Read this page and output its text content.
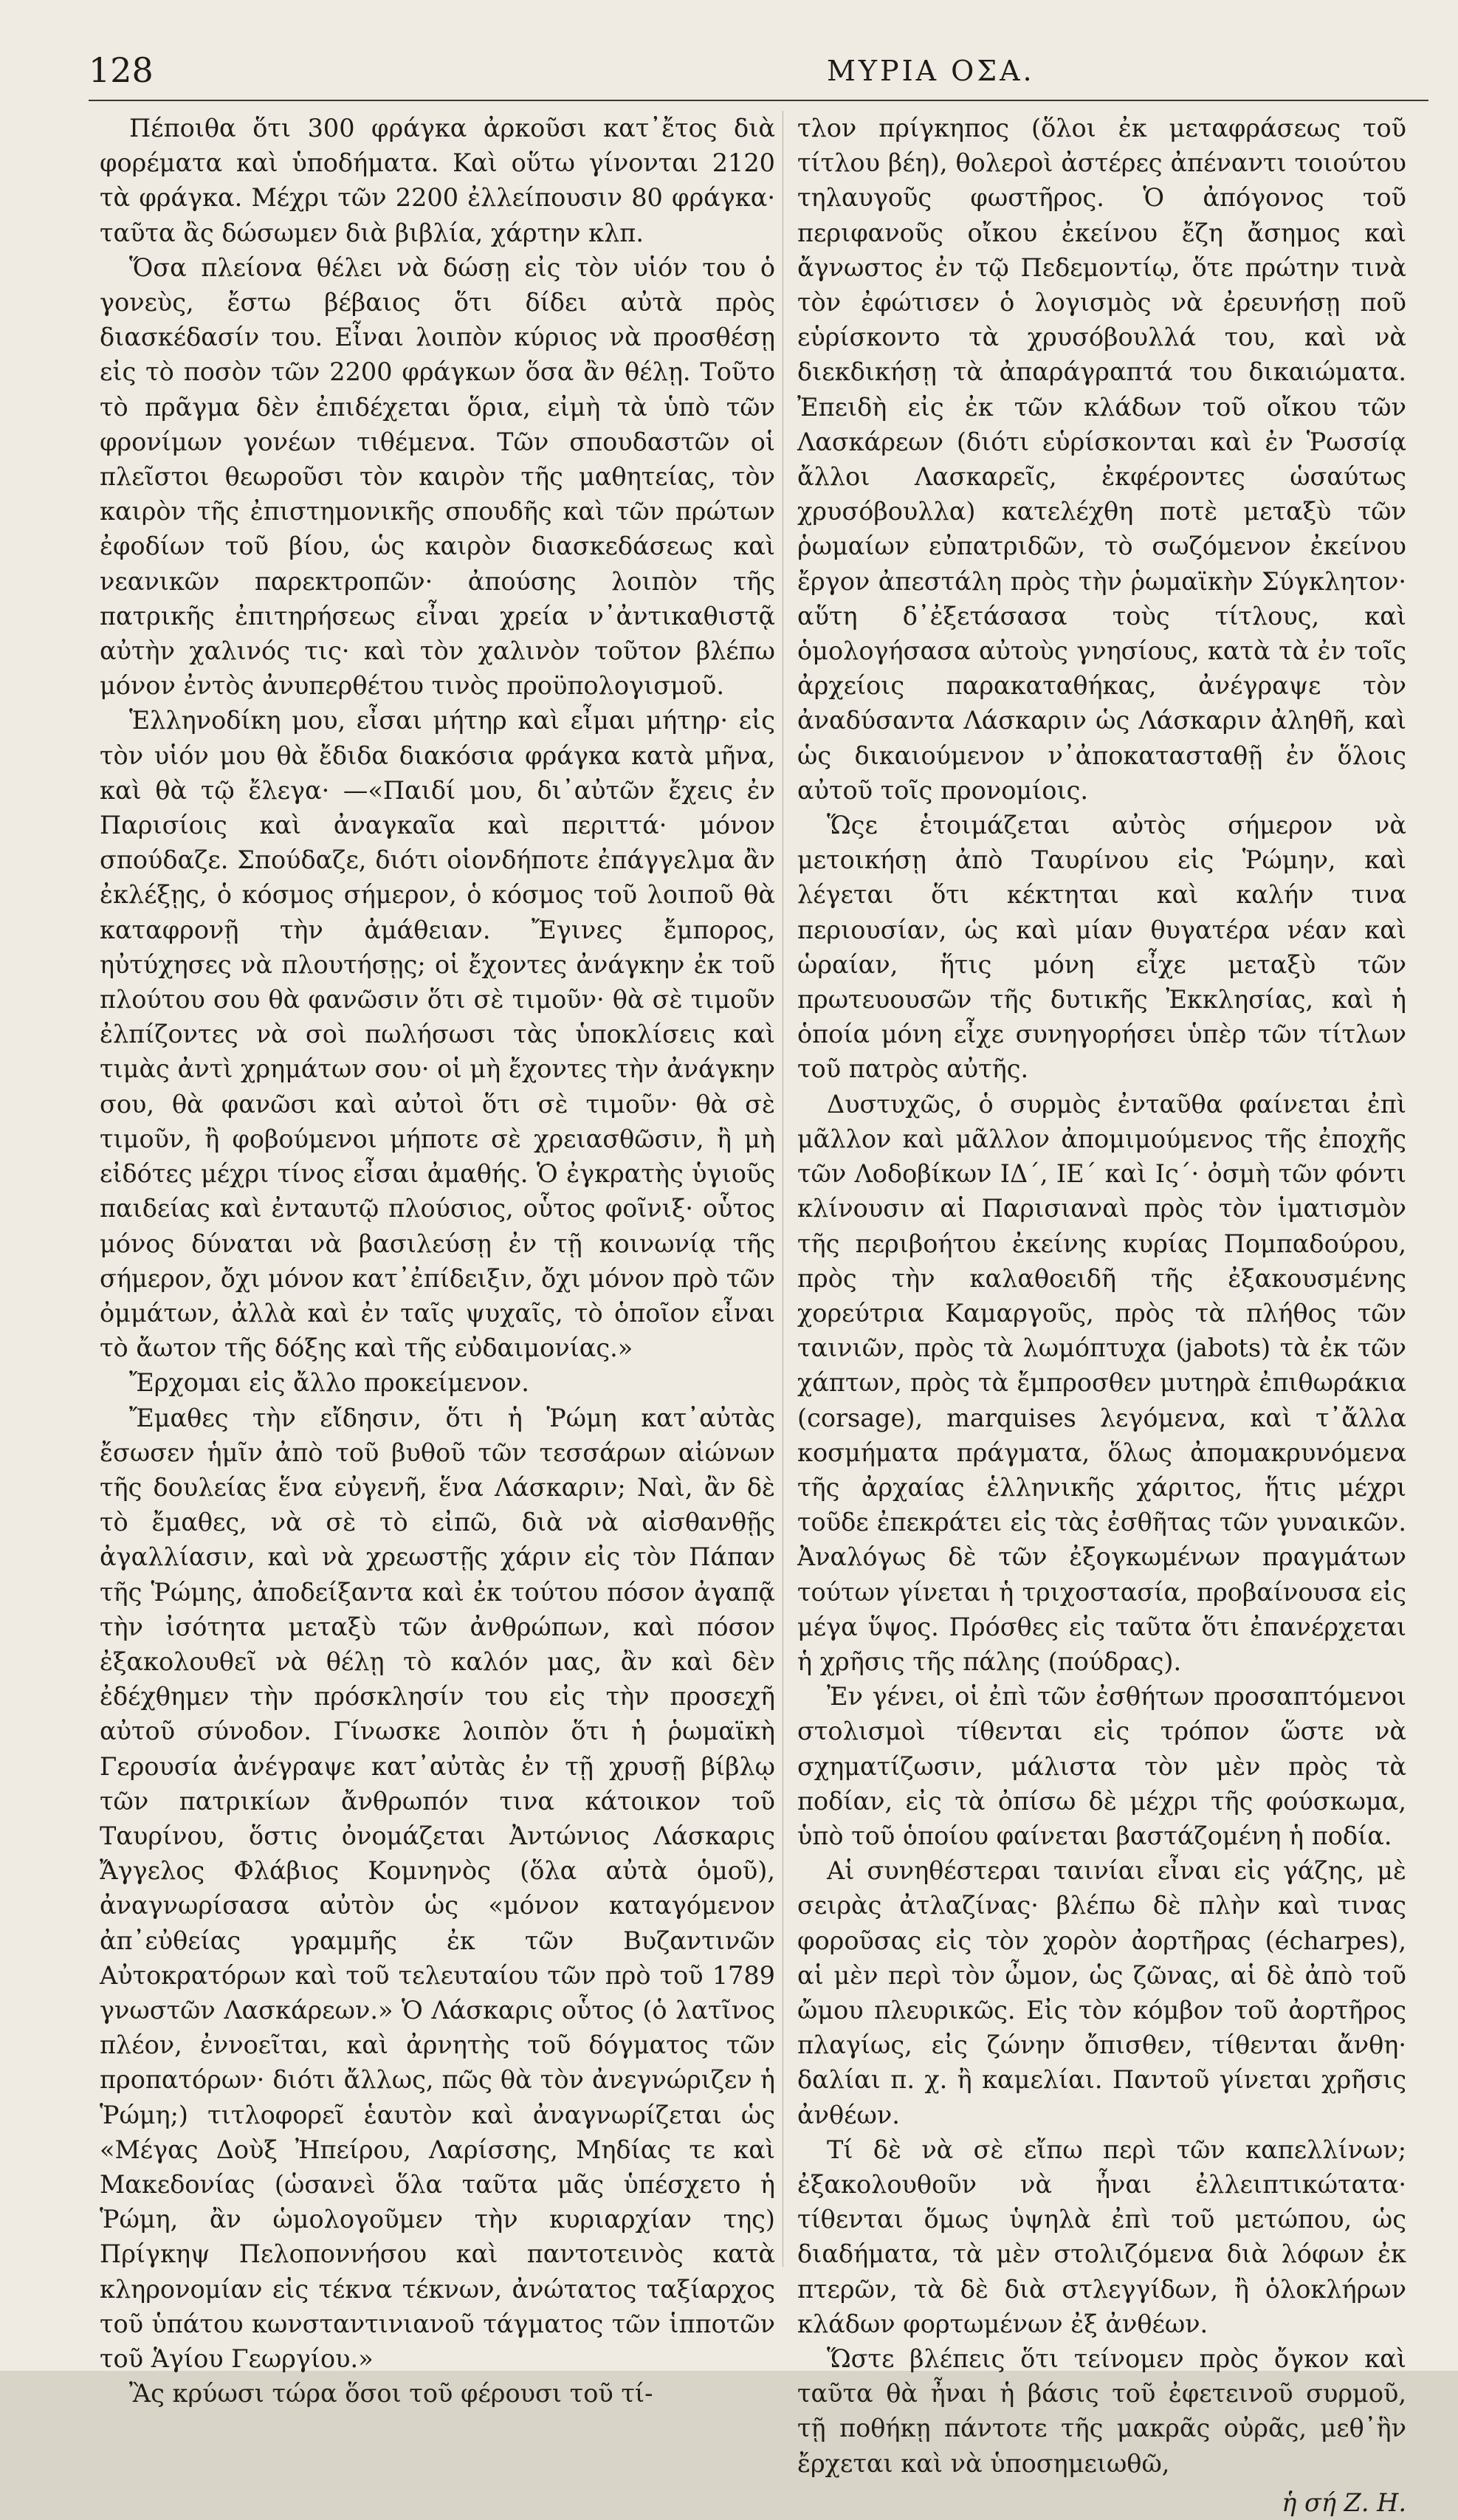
128	ΜΥΡΙΑ ΟΣΑ.

Πέποιθα ὅτι 300 φράγκα ἀρκοῦσι κατ᾽ἔτος διὰ φορέματα καὶ ὑποδήματα. Καὶ οὕτω γίνονται 2120 τὰ φράγκα. Μέχρι τῶν 2200 ἐλλείπουσιν 80 φράγκα· ταῦτα ἂς δώσωμεν διὰ βιβλία, χάρτην κλπ.

Ὅσα πλείονα θέλει νὰ δώσῃ εἰς τὸν υἱόν του ὁ γονεὺς, ἔστω βέβαιος ὅτι δίδει αὐτὰ πρὸς διασκέδασίν του. Εἶναι λοιπὸν κύριος νὰ προσθέσῃ εἰς τὸ ποσὸν τῶν 2200 φράγκων ὅσα ἂν θέλῃ. Τοῦτο τὸ πρᾶγμα δὲν ἐπιδέχεται ὅρια, εἰμὴ τὰ ὑπὸ τῶν φρονίμων γονέων τιθέμενα. Τῶν σπουδαστῶν οἱ πλεῖστοι θεωροῦσι τὸν καιρὸν τῆς μαθητείας, τὸν καιρὸν τῆς ἐπιστημονικῆς σπουδῆς καὶ τῶν πρώτων ἐφοδίων τοῦ βίου, ὡς καιρὸν διασκεδάσεως καὶ νεανικῶν παρεκτροπῶν· ἀπούσης λοιπὸν τῆς πατρικῆς ἐπιτηρήσεως εἶναι χρεία ν᾽ἀντικαθιστᾷ αὐτὴν χαλινός τις· καὶ τὸν χαλινὸν τοῦτον βλέπω μόνον ἐντὸς ἀνυπερθέτου τινὸς προϋπολογισμοῦ.

Ἑλληνοδίκη μου, εἶσαι μήτηρ καὶ εἶμαι μήτηρ· εἰς τὸν υἱόν μου θὰ ἔδιδα διακόσια φράγκα κατὰ μῆνα, καὶ θὰ τῷ ἔλεγα· —«Παιδί μου, δι᾽αὐτῶν ἔχεις ἐν Παρισίοις καὶ ἀναγκαῖα καὶ περιττά· μόνον σπούδαζε. Σπούδαζε, διότι οἱονδήποτε ἐπάγγελμα ἂν ἐκλέξῃς, ὁ κόσμος σήμερον, ὁ κόσμος τοῦ λοιποῦ θὰ καταφρονῇ τὴν ἀμάθειαν. Ἔγινες ἔμπορος, ηὐτύχησες νὰ πλουτήσῃς; οἱ ἔχοντες ἀνάγκην ἐκ τοῦ πλούτου σου θὰ φανῶσιν ὅτι σὲ τιμοῦν· θὰ σὲ τιμοῦν ἐλπίζοντες νὰ σοὶ πωλήσωσι τὰς ὑποκλίσεις καὶ τιμὰς ἀντὶ χρημάτων σου· οἱ μὴ ἔχοντες τὴν ἀνάγκην σου, θὰ φανῶσι καὶ αὐτοὶ ὅτι σὲ τιμοῦν· θὰ σὲ τιμοῦν, ἢ φοβούμενοι μήποτε σὲ χρειασθῶσιν, ἢ μὴ εἰδότες μέχρι τίνος εἶσαι ἀμαθής. Ὁ ἐγκρατὴς ὑγιοῦς παιδείας καὶ ἐνταυτῷ πλούσιος, οὗτος φοῖνιξ· οὗτος μόνος δύναται νὰ βασιλεύσῃ ἐν τῇ κοινωνίᾳ τῆς σήμερον, ὄχι μόνον κατ᾽ἐπίδειξιν, ὄχι μόνον πρὸ τῶν ὀμμάτων, ἀλλὰ καὶ ἐν ταῖς ψυχαῖς, τὸ ὁποῖον εἶναι τὸ ἄωτον τῆς δόξης καὶ τῆς εὐδαιμονίας.»

Ἔρχομαι εἰς ἄλλο προκείμενον.

Ἔμαθες τὴν εἴδησιν, ὅτι ἡ Ῥώμη κατ᾽αὐτὰς ἔσωσεν ἡμῖν ἀπὸ τοῦ βυθοῦ τῶν τεσσάρων αἰώνων τῆς δουλείας ἕνα εὐγενῆ, ἕνα Λάσκαριν; Ναὶ, ἂν δὲ τὸ ἔμαθες, νὰ σὲ τὸ εἰπῶ, διὰ νὰ αἰσθανθῇς ἀγαλλίασιν, καὶ νὰ χρεωστῇς χάριν εἰς τὸν Πάπαν τῆς Ῥώμης, ἀποδείξαντα καὶ ἐκ τούτου πόσον ἀγαπᾷ τὴν ἰσότητα μεταξὺ τῶν ἀνθρώπων, καὶ πόσον ἐξακολουθεῖ νὰ θέλῃ τὸ καλόν μας, ἂν καὶ δὲν ἐδέχθημεν τὴν πρόσκλησίν του εἰς τὴν προσεχῆ αὐτοῦ σύνοδον. Γίνωσκε λοιπὸν ὅτι ἡ ῥωμαϊκὴ Γερουσία ἀνέγραψε κατ᾽αὐτὰς ἐν τῇ χρυσῇ βίβλῳ τῶν πατρικίων ἄνθρωπόν τινα κάτοικον τοῦ Ταυρίνου, ὅστις ὀνομάζεται Ἀντώνιος Λάσκαρις Ἄγγελος Φλάβιος Κομνηνὸς (ὅλα αὐτὰ ὁμοῦ), ἀναγνωρίσασα αὐτὸν ὡς «μόνον καταγόμενον ἀπ᾽εὐθείας γραμμῆς ἐκ τῶν Βυζαντινῶν Αὐτοκρατόρων καὶ τοῦ τελευταίου τῶν πρὸ τοῦ 1789 γνωστῶν Λασκάρεων.» Ὁ Λάσκαρις οὗτος (ὁ λατῖνος πλέον, ἐννοεῖται, καὶ ἀρνητὴς τοῦ δόγματος τῶν προπατόρων· διότι ἄλλως, πῶς θὰ τὸν ἀνεγνώριζεν ἡ Ῥώμη;) τιτλοφορεῖ ἑαυτὸν καὶ ἀναγνωρίζεται ὡς «Μέγας Δοὺξ Ἠπείρου, Λαρίσσης, Μηδίας τε καὶ Μακεδονίας (ὡσανεὶ ὅλα ταῦτα μᾶς ὑπέσχετο ἡ Ῥώμη, ἂν ὡμολογοῦμεν τὴν κυριαρχίαν της) Πρίγκηψ Πελοποννήσου καὶ παντοτεινὸς κατὰ κληρονομίαν εἰς τέκνα τέκνων, ἀνώτατος ταξίαρχος τοῦ ὑπάτου κωνσταντινιανοῦ τάγματος τῶν ἱπποτῶν τοῦ Ἁγίου Γεωργίου.»

Ἂς κρύωσι τώρα ὅσοι τοῦ φέρουσι τοῦ τί-

τλον πρίγκηπος (ὅλοι ἐκ μεταφράσεως τοῦ τίτλου βέη), θολεροὶ ἀστέρες ἀπέναντι τοιούτου τηλαυγοῦς φωστῆρος. Ὁ ἀπόγονος τοῦ περιφανοῦς οἴκου ἐκείνου ἔζη ἄσημος καὶ ἄγνωστος ἐν τῷ Πεδεμοντίῳ, ὅτε πρώτην τινὰ τὸν ἐφώτισεν ὁ λογισμὸς νὰ ἐρευνήσῃ ποῦ εὑρίσκοντο τὰ χρυσόβουλλά του, καὶ νὰ διεκδικήσῃ τὰ ἀπαράγραπτά του δικαιώματα. Ἐπειδὴ εἰς ἐκ τῶν κλάδων τοῦ οἴκου τῶν Λασκάρεων (διότι εὑρίσκονται καὶ ἐν Ῥωσσίᾳ ἄλλοι Λασκαρεῖς, ἐκφέροντες ὡσαύτως χρυσόβουλλα) κατελέχθη ποτὲ μεταξὺ τῶν ῥωμαίων εὐπατριδῶν, τὸ σωζόμενον ἐκείνου ἔργον ἀπεστάλη πρὸς τὴν ῥωμαϊκὴν Σύγκλητον· αὕτη δ᾽ἐξετάσασα τοὺς τίτλους, καὶ ὁμολογήσασα αὐτοὺς γνησίους, κατὰ τὰ ἐν τοῖς ἀρχείοις παρακαταθήκας, ἀνέγραψε τὸν ἀναδύσαντα Λάσκαριν ὡς Λάσκαριν ἀληθῆ, καὶ ὡς δικαιούμενον ν᾽ἀποκατασταθῇ ἐν ὅλοις αὐτοῦ τοῖς προνομίοις.

Ὥςε ἑτοιμάζεται αὐτὸς σήμερον νὰ μετοικήσῃ ἀπὸ Ταυρίνου εἰς Ῥώμην, καὶ λέγεται ὅτι κέκτηται καὶ καλήν τινα περιουσίαν, ὡς καὶ μίαν θυγατέρα νέαν καὶ ὡραίαν, ἥτις μόνη εἶχε μεταξὺ τῶν πρωτευουσῶν τῆς δυτικῆς Ἐκκλησίας, καὶ ἡ ὁποία μόνη εἶχε συνηγορήσει ὑπὲρ τῶν τίτλων τοῦ πατρὸς αὐτῆς.

Δυστυχῶς, ὁ συρμὸς ἐνταῦθα φαίνεται ἐπὶ μᾶλλον καὶ μᾶλλον ἀπομιμούμενος τῆς ἐποχῆς τῶν Λοδοβίκων ΙΔ´, ΙΕ´ καὶ Ις´· ὀσμὴ τῶν φόντι κλίνουσιν αἱ Παρισιαναὶ πρὸς τὸν ἱματισμὸν τῆς περιβοήτου ἐκείνης κυρίας Πομπαδούρου, πρὸς τὴν καλαθοειδῆ τῆς ἐξακουσμένης χορεύτρια Καμαργοῦς, πρὸς τὰ πλήθος τῶν ταινιῶν, πρὸς τὰ λωμόπτυχα (jabots) τὰ ἐκ τῶν χάπτων, πρὸς τὰ ἔμπροσθεν μυτηρὰ ἐπιθωράκια (corsage), marquises λεγόμενα, καὶ τ᾽ἄλλα κοσμήματα πράγματα, ὅλως ἀπομακρυνόμενα τῆς ἀρχαίας ἑλληνικῆς χάριτος, ἥτις μέχρι τοῦδε ἐπεκράτει εἰς τὰς ἐσθῆτας τῶν γυναικῶν. Ἀναλόγως δὲ τῶν ἐξογκωμένων πραγμάτων τούτων γίνεται ἡ τριχοστασία, προβαίνουσα εἰς μέγα ὕψος. Πρόσθες εἰς ταῦτα ὅτι ἐπανέρχεται ἡ χρῆσις τῆς πάλης (πούδρας).

Ἐν γένει, οἱ ἐπὶ τῶν ἐσθήτων προσαπτόμενοι στολισμοὶ τίθενται εἰς τρόπον ὥστε νὰ σχηματίζωσιν, μάλιστα τὸν μὲν πρὸς τὰ ποδίαν, εἰς τὰ ὀπίσω δὲ μέχρι τῆς φούσκωμα, ὑπὸ τοῦ ὁποίου φαίνεται βαστάζομένη ἡ ποδία.

Αἱ συνηθέστεραι ταινίαι εἶναι εἰς γάζης, μὲ σειρὰς ἀτλαζίνας· βλέπω δὲ πλὴν καὶ τινας φοροῦσας εἰς τὸν χορὸν ἀορτῆρας (écharpes), αἱ μὲν περὶ τὸν ὦμον, ὡς ζῶνας, αἱ δὲ ἀπὸ τοῦ ὤμου πλευρικῶς. Εἰς τὸν κόμβον τοῦ ἀορτῆρος πλαγίως, εἰς ζώνην ὄπισθεν, τίθενται ἄνθη· δαλίαι π. χ. ἢ καμελίαι. Παντοῦ γίνεται χρῆσις ἀνθέων.

Τί δὲ νὰ σὲ εἴπω περὶ τῶν καπελλίνων; ἐξακολουθοῦν νὰ ἦναι ἐλλειπτικώτατα· τίθενται ὅμως ὑψηλὰ ἐπὶ τοῦ μετώπου, ὡς διαδήματα, τὰ μὲν στολιζόμενα διὰ λόφων ἐκ πτερῶν, τὰ δὲ διὰ στλεγγίδων, ἢ ὁλοκλήρων κλάδων φορτωμένων ἐξ ἀνθέων.

Ὥστε βλέπεις ὅτι τείνομεν πρὸς ὄγκον καὶ ταῦτα θὰ ἦναι ἡ βάσις τοῦ ἐφετεινοῦ συρμοῦ, τῇ ποθήκῃ πάντοτε τῆς μακρᾶς οὐρᾶς, μεθ᾽ἣν ἔρχεται καὶ νὰ ὑποσημειωθῶ,

ἡ σή Ζ. Η.
